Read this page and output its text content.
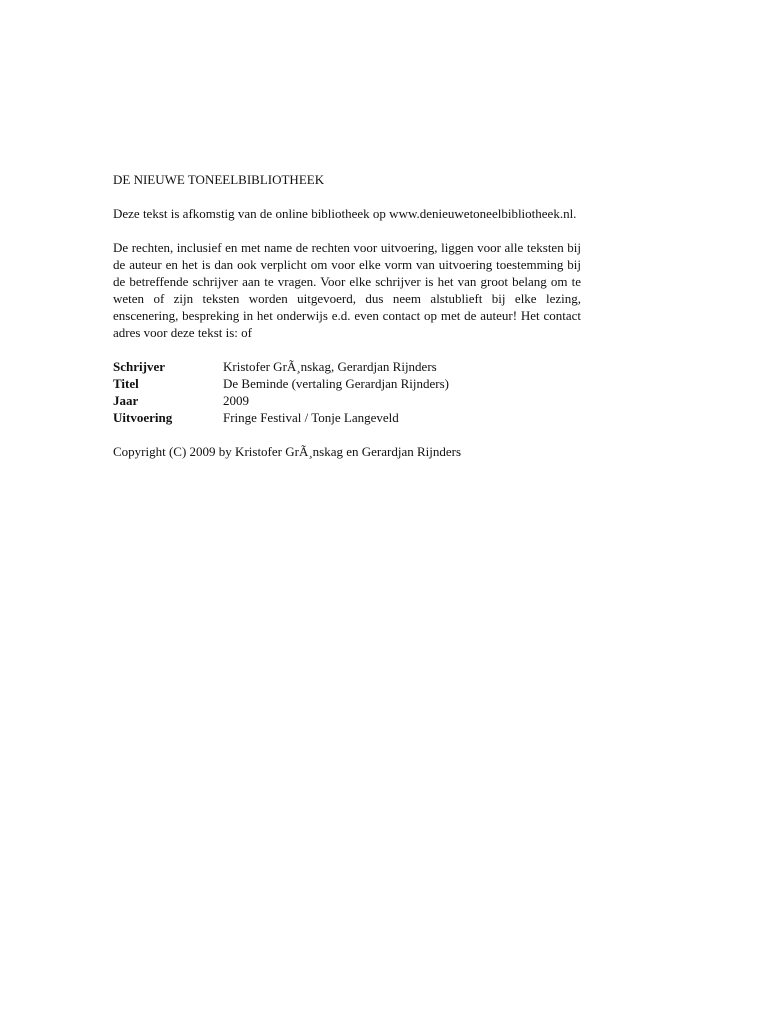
DE NIEUWE TONEELBIBLIOTHEEK

Deze tekst is afkomstig van de online bibliotheek op www.denieuwetoneelbibliotheek.nl.

De rechten, inclusief en met name de rechten voor uitvoering, liggen voor alle teksten bij de auteur en het is dan ook verplicht om voor elke vorm van uitvoering toestemming bij de betreffende schrijver aan te vragen. Voor elke schrijver is het van groot belang om te weten of zijn teksten worden uitgevoerd, dus neem alstublieft bij elke lezing, enscenering, bespreking in het onderwijs e.d. even contact op met de auteur! Het contact adres voor deze tekst is: of

Schrijver	Kristofer GrÃ¸nskag, Gerardjan Rijnders
Titel	De Beminde (vertaling Gerardjan Rijnders)
Jaar	2009
Uitvoering	Fringe Festival / Tonje Langeveld

Copyright (C) 2009 by Kristofer GrÃ¸nskag en Gerardjan Rijnders
